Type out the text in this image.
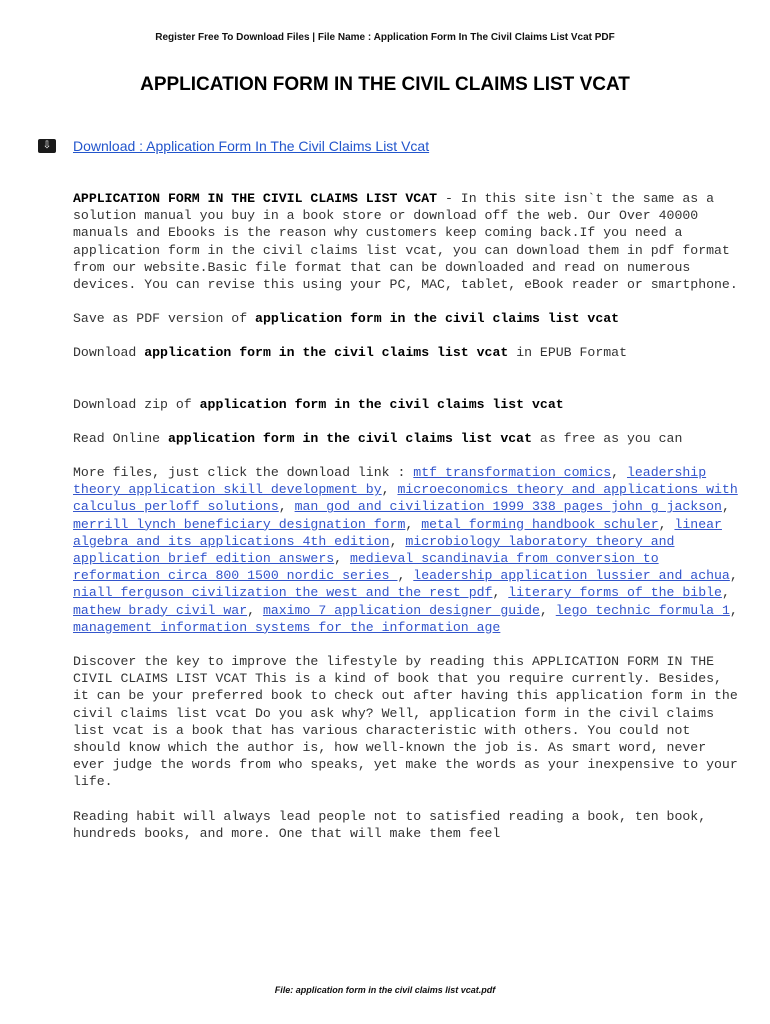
Register Free To Download Files | File Name : Application Form In The Civil Claims List Vcat PDF
APPLICATION FORM IN THE CIVIL CLAIMS LIST VCAT
⇩	Download : Application Form In The Civil Claims List Vcat

APPLICATION FORM IN THE CIVIL CLAIMS LIST VCAT - In this site isn`t the same as a solution manual you buy in a book store or download off the web. Our Over 40000 manuals and Ebooks is the reason why customers keep coming back.If you need a application form in the civil claims list vcat, you can download them in pdf format from our website.Basic file format that can be downloaded and read on numerous devices. You can revise this using your PC, MAC, tablet, eBook reader or smartphone.

Save as PDF version of application form in the civil claims list vcat

Download application form in the civil claims list vcat in EPUB Format

Download zip of application form in the civil claims list vcat

Read Online application form in the civil claims list vcat as free as you can

More files, just click the download link : mtf transformation comics, leadership theory application skill development by, microeconomics theory and applications with calculus perloff solutions, man god and civilization 1999 338 pages john g jackson, merrill lynch beneficiary designation form, metal forming handbook schuler, linear algebra and its applications 4th edition, microbiology laboratory theory and application brief edition answers, medieval scandinavia from conversion to reformation circa 800 1500 nordic series , leadership application lussier and achua, niall ferguson civilization the west and the rest pdf, literary forms of the bible, mathew brady civil war, maximo 7 application designer guide, lego technic formula 1, management information systems for the information age

Discover the key to improve the lifestyle by reading this APPLICATION FORM IN THE CIVIL CLAIMS LIST VCAT This is a kind of book that you require currently. Besides, it can be your preferred book to check out after having this application form in the civil claims list vcat Do you ask why? Well, application form in the civil claims list vcat is a book that has various characteristic with others. You could not should know which the author is, how well-known the job is. As smart word, never ever judge the words from who speaks, yet make the words as your inexpensive to your life.

Reading habit will always lead people not to satisfied reading a book, ten book, hundreds books, and more. One that will make them feel

File: application form in the civil claims list vcat.pdf
